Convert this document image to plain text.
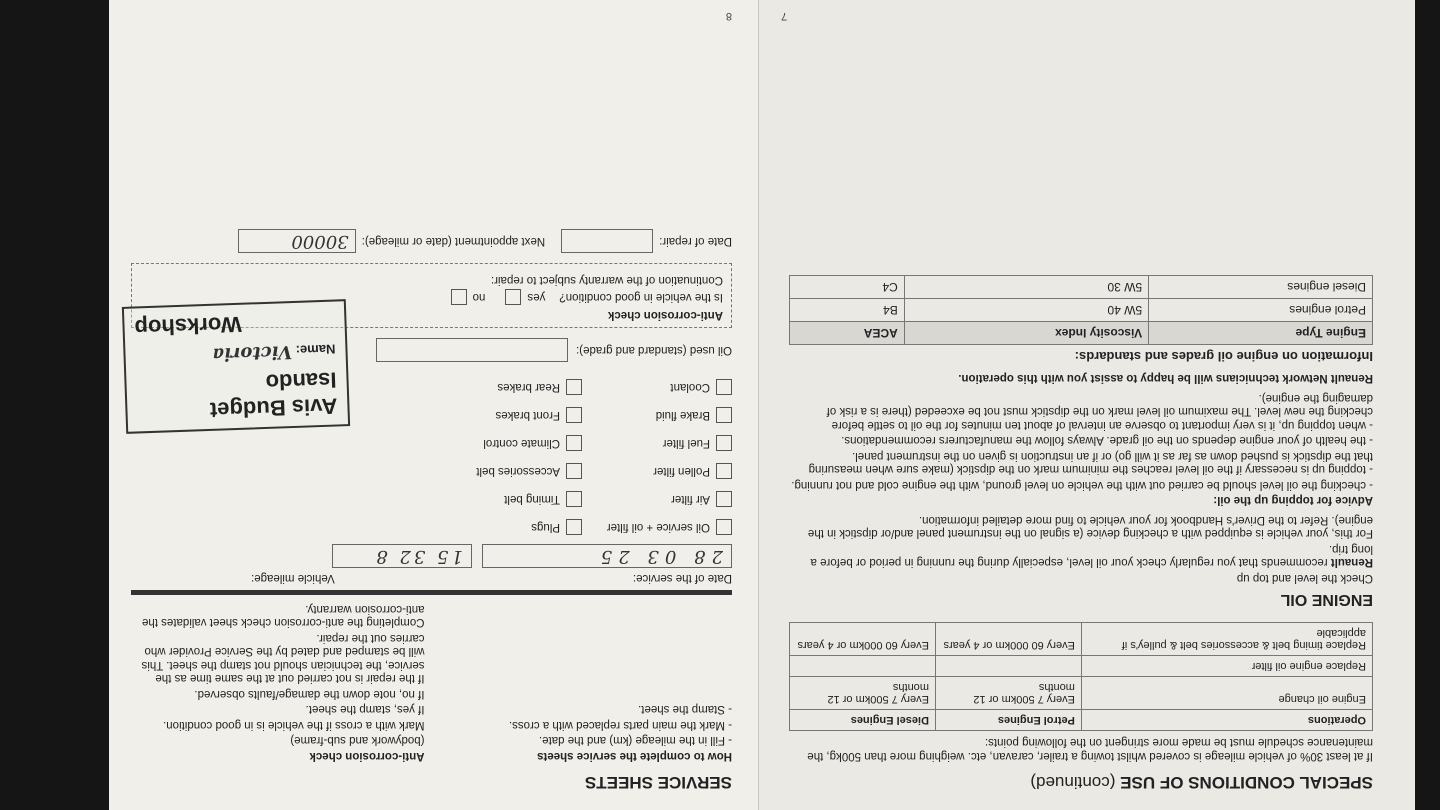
SPECIAL CONDITIONS OF USE (continued)
If at least 30% of vehicle mileage is covered whilst towing a trailer, caravan, etc. weighing more than 500kg, the maintenance schedule must be made more stringent on the following points:
Operations	Petrol Engines	Diesel Engines
Engine oil change	Every 7 500km or 12 months	Every 7 500km or 12 months
Replace engine oil filter		
Replace timing belt & accessories belt & pulley's if applicable	Every 60 000km or 4 years	Every 60 000km or 4 years
ENGINE OIL
Check the level and top up
Renault recommends that you regularly check your oil level, especially during the running in period or before a long trip.
For this, your vehicle is equipped with a checking device (a signal on the instrument panel and/or dipstick in the engine). Refer to the Driver's Handbook for your vehicle to find more detailed information.
Advice for topping up the oil:
- checking the oil level should be carried out with the vehicle on level ground, with the engine cold and not running.
- topping up is necessary if the oil level reaches the minimum mark on the dipstick (make sure when measuring that the dipstick is pushed down as far as it will go) or if an instruction is given on the instrument panel.
- the health of your engine depends on the oil grade. Always follow the manufacturers recommendations.
- when topping up, it is very important to observe an interval of about ten minutes for the oil to settle before checking the new level. The maximum oil level mark on the dipstick must not be exceeded (there is a risk of damaging the engine).
Renault Network technicians will be happy to assist you with this operation.
Information on engine oil grades and standards:
Engine Type	Viscosity Index	ACEA
Petrol engines	5W 40	B4
Diesel engines	5W 30	C4
7
SERVICE SHEETS
How to complete the service sheets
- Fill in the mileage (km) and the date.
- Mark the main parts replaced with a cross.
- Stamp the sheet.
Anti-corrosion check
(bodywork and sub-frame)
Mark with a cross if the vehicle is in good condition.
If yes, stamp the sheet.
If no, note down the damage/faults observed.
If the repair is not carried out at the same time as the service, the technician should not stamp the sheet. This will be stamped and dated by the Service Provider who carries out the repair.
Completing the anti-corrosion check sheet validates the anti-corrosion warranty.
Date of the service:
Vehicle mileage:
28 03 25
15 32 8
Oil service + oil filter
Plugs
Air filter
Timing belt
Pollen filter
Accessories belt
Fuel filter
Climate control
Brake fluid
Front brakes
Coolant
Rear brakes
Avis Budget Isando
Name: Victoria
Workshop
Oil used (standard and grade):
Anti-corrosion check
Is the vehicle in good condition?
yes
no
Continuation of the warranty subject to repair:
Date of repair:
Next appointment (date or mileage):
30000
8
